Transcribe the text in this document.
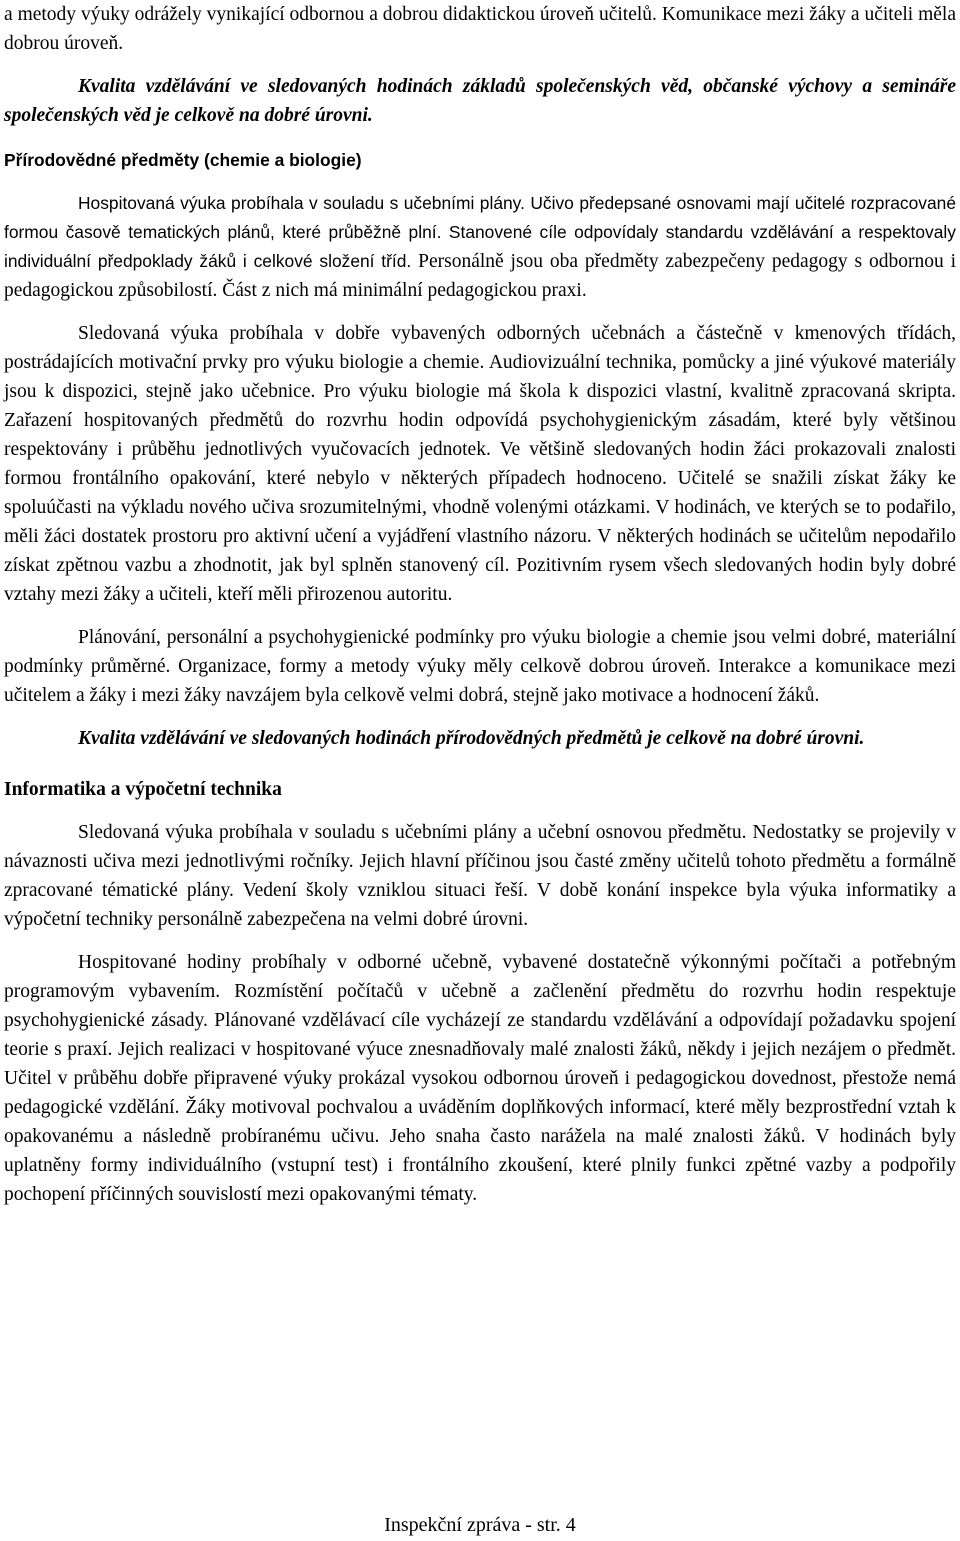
a metody výuky odrážely vynikající odbornou a dobrou didaktickou úroveň učitelů. Komunikace mezi žáky a učiteli měla dobrou úroveň.

Kvalita vzdělávání ve sledovaných hodinách základů společenských věd, občanské výchovy a semináře společenských věd je celkově na dobré úrovni.

Přírodovědné předměty (chemie a biologie)

Hospitovaná výuka probíhala v souladu s učebními plány. Učivo předepsané osnovami mají učitelé rozpracované formou časově tematických plánů, které průběžně plní. Stanovené cíle odpovídaly standardu vzdělávání a respektovaly individuální předpoklady žáků i celkové složení tříd. Personálně jsou oba předměty zabezpečeny pedagogy s odbornou i pedagogickou způsobilostí. Část z nich má minimální pedagogickou praxi.

Sledovaná výuka probíhala v dobře vybavených odborných učebnách a částečně v kmenových třídách, postrádajících motivační prvky pro výuku biologie a chemie. Audiovizuální technika, pomůcky a jiné výukové materiály jsou k dispozici, stejně jako učebnice. Pro výuku biologie má škola k dispozici vlastní, kvalitně zpracovaná skripta. Zařazení hospitovaných předmětů do rozvrhu hodin odpovídá psychohygienickým zásadám, které byly většinou respektovány i průběhu jednotlivých vyučovacích jednotek. Ve většině sledovaných hodin žáci prokazovali znalosti formou frontálního opakování, které nebylo v některých případech hodnoceno. Učitelé se snažili získat žáky ke spoluúčasti na výkladu nového učiva srozumitelnými, vhodně volenými otázkami. V hodinách, ve kterých se to podařilo, měli žáci dostatek prostoru pro aktivní učení a vyjádření vlastního názoru. V některých hodinách se učitelům nepodařilo získat zpětnou vazbu a zhodnotit, jak byl splněn stanovený cíl. Pozitivním rysem všech sledovaných hodin byly dobré vztahy mezi žáky a učiteli, kteří měli přirozenou autoritu.

Plánování, personální a psychohygienické podmínky pro výuku biologie a chemie jsou velmi dobré, materiální podmínky průměrné. Organizace, formy a metody výuky měly celkově dobrou úroveň. Interakce a komunikace mezi učitelem a žáky i mezi žáky navzájem byla celkově velmi dobrá, stejně jako motivace a hodnocení žáků.

Kvalita vzdělávání ve sledovaných hodinách přírodovědných předmětů je celkově na dobré úrovni.

Informatika a výpočetní technika

Sledovaná výuka probíhala v souladu s učebními plány a učební osnovou předmětu. Nedostatky se projevily v návaznosti učiva mezi jednotlivými ročníky. Jejich hlavní příčinou jsou časté změny učitelů tohoto předmětu a formálně zpracované tématické plány. Vedení školy vzniklou situaci řeší. V době konání inspekce byla výuka informatiky a výpočetní techniky personálně zabezpečena na velmi dobré úrovni.

Hospitované hodiny probíhaly v odborné učebně, vybavené dostatečně výkonnými počítači a potřebným programovým vybavením. Rozmístění počítačů v učebně a začlenění předmětu do rozvrhu hodin respektuje psychohygienické zásady. Plánované vzdělávací cíle vycházejí ze standardu vzdělávání a odpovídají požadavku spojení teorie s praxí. Jejich realizaci v hospitované výuce znesnadňovaly malé znalosti žáků, někdy i jejich nezájem o předmět. Učitel v průběhu dobře připravené výuky prokázal vysokou odbornou úroveň i pedagogickou dovednost, přestože nemá pedagogické vzdělání. Žáky motivoval pochvalou a uváděním doplňkových informací, které měly bezprostřední vztah k opakovanému a následně probíranému učivu. Jeho snaha často narážela na malé znalosti žáků. V hodinách byly uplatněny formy individuálního (vstupní test) i frontálního zkoušení, které plnily funkci zpětné vazby a podpořily pochopení příčinných souvislostí mezi opakovanými tématy.

Inspekční zpráva - str. 4
